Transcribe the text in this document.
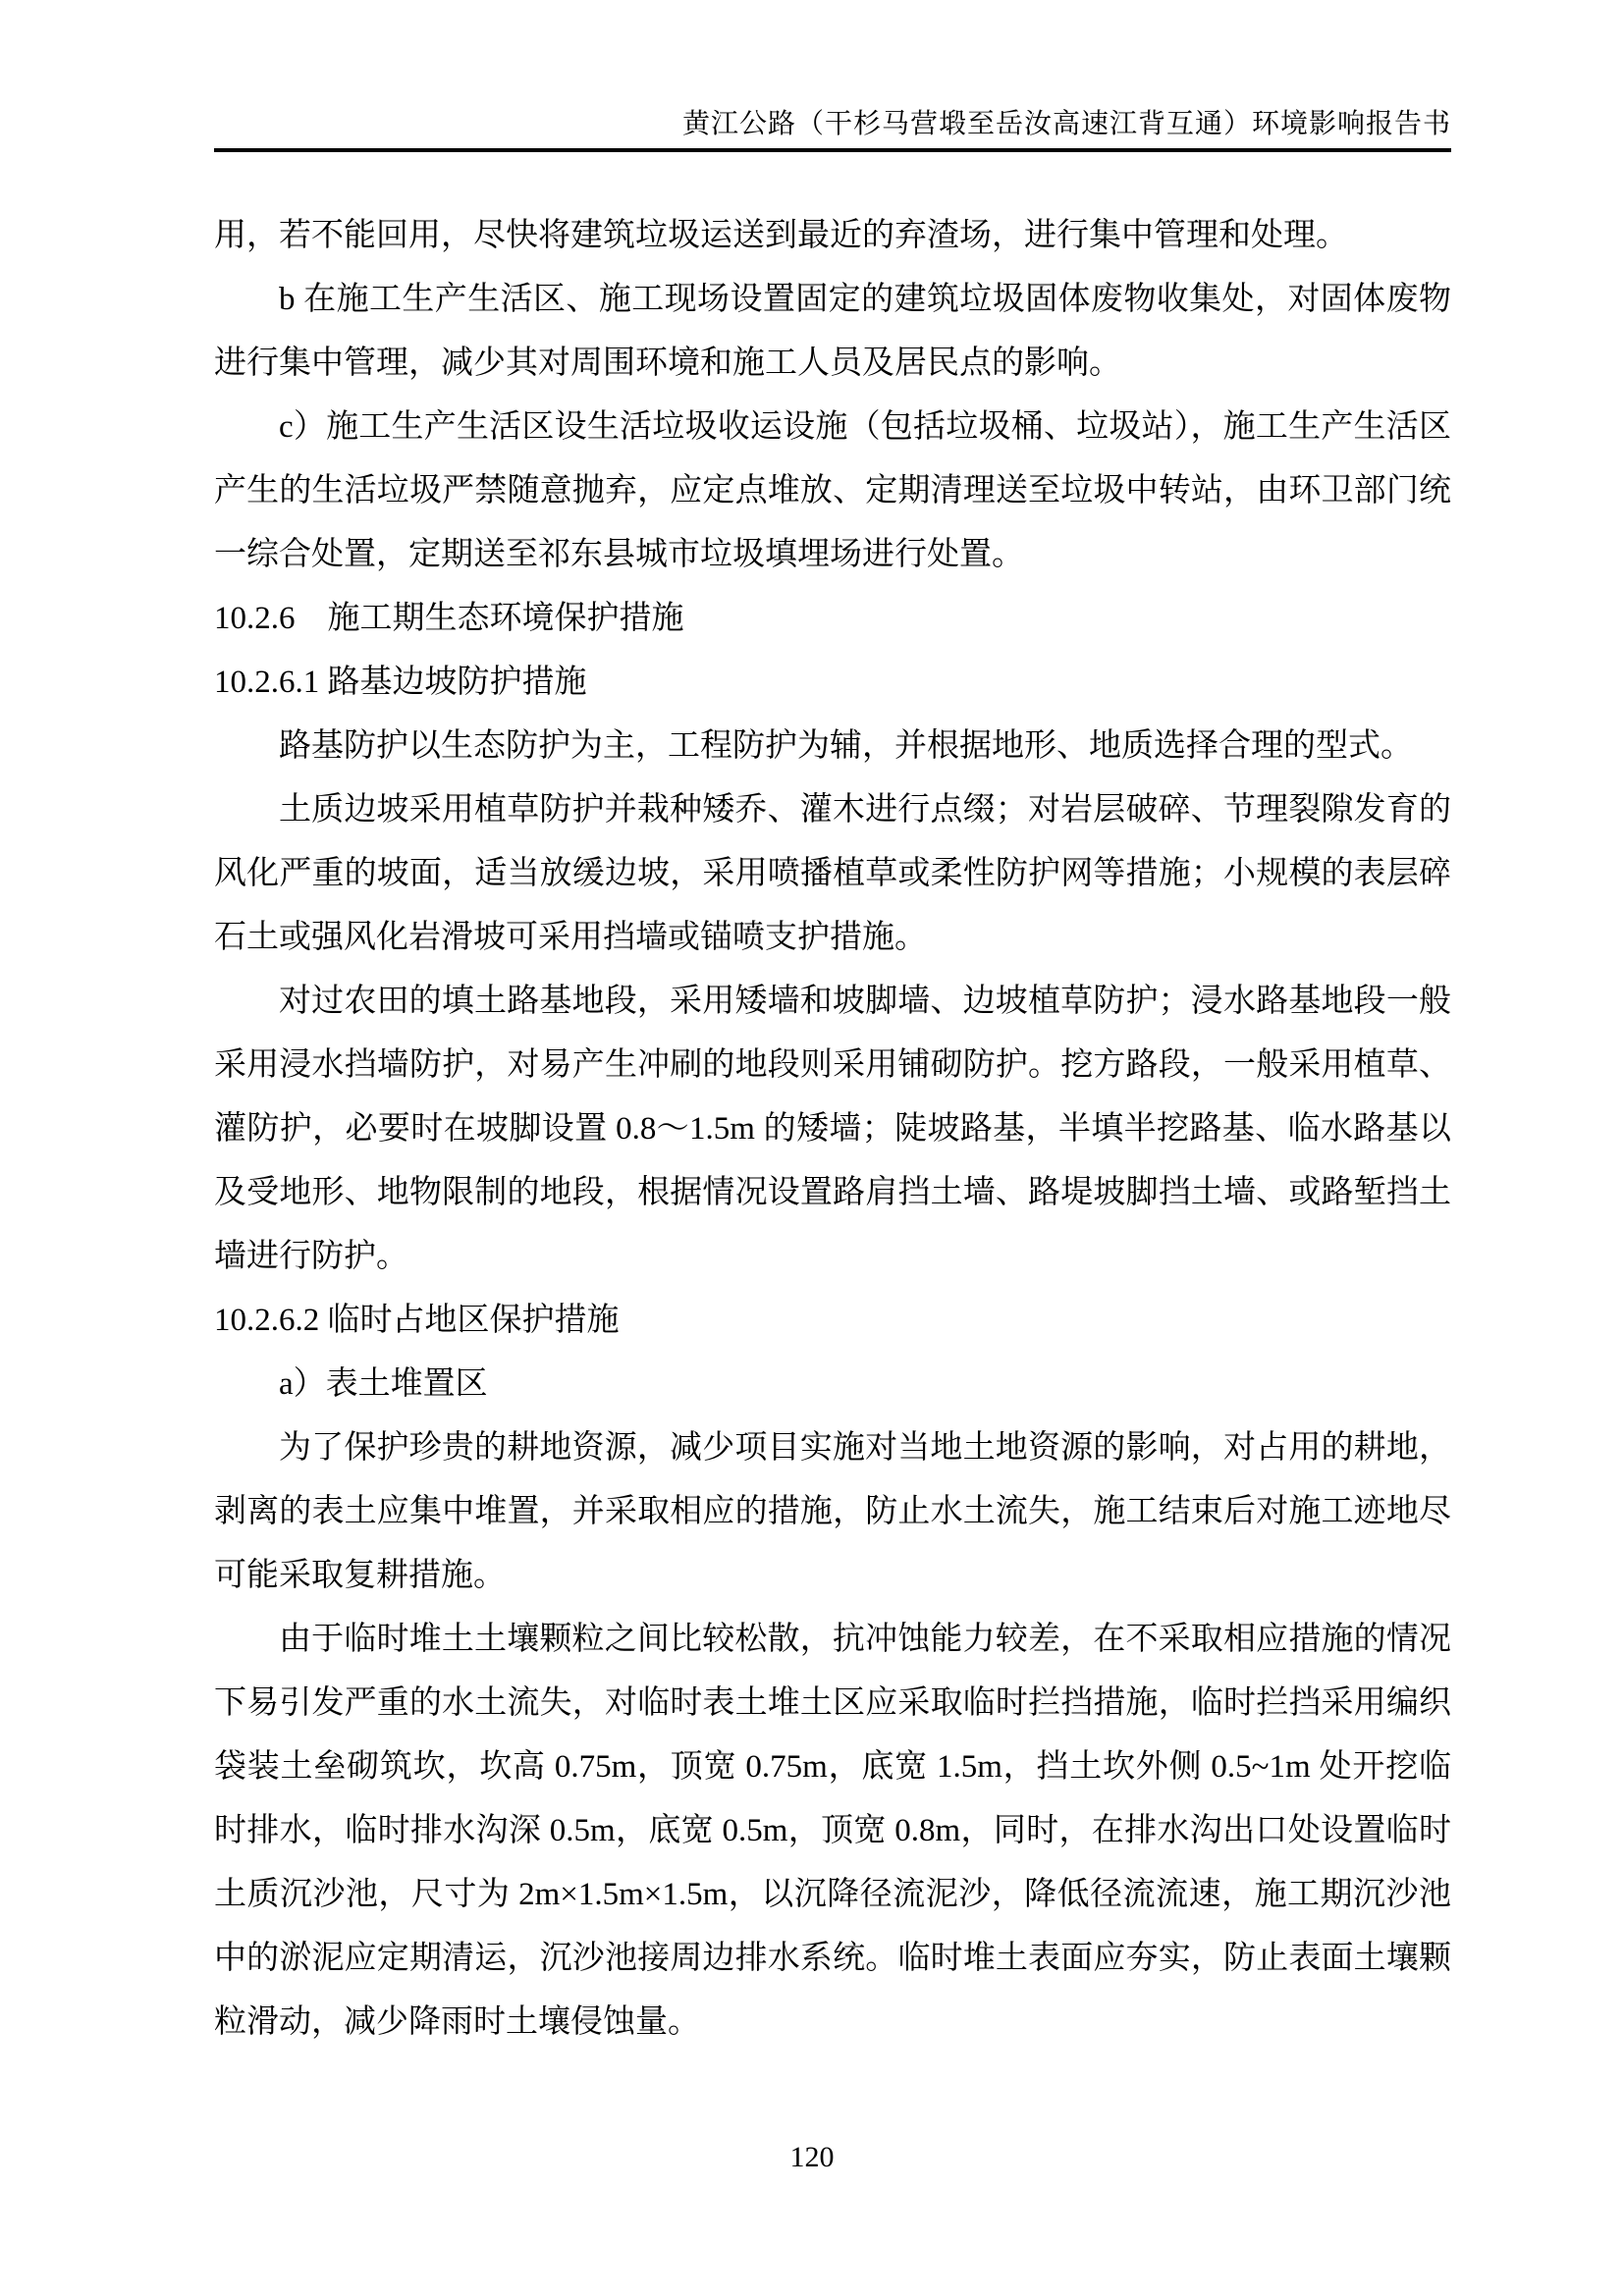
黄江公路（干杉马营塅至岳汝高速江背互通）环境影响报告书

用，若不能回用，尽快将建筑垃圾运送到最近的弃渣场，进行集中管理和处理。

b 在施工生产生活区、施工现场设置固定的建筑垃圾固体废物收集处，对固体废物进行集中管理，减少其对周围环境和施工人员及居民点的影响。

c）施工生产生活区设生活垃圾收运设施（包括垃圾桶、垃圾站），施工生产生活区产生的生活垃圾严禁随意抛弃，应定点堆放、定期清理送至垃圾中转站，由环卫部门统一综合处置，定期送至祁东县城市垃圾填埋场进行处置。

10.2.6　施工期生态环境保护措施

10.2.6.1 路基边坡防护措施

路基防护以生态防护为主，工程防护为辅，并根据地形、地质选择合理的型式。

土质边坡采用植草防护并栽种矮乔、灌木进行点缀；对岩层破碎、节理裂隙发育的风化严重的坡面，适当放缓边坡，采用喷播植草或柔性防护网等措施；小规模的表层碎石土或强风化岩滑坡可采用挡墙或锚喷支护措施。

对过农田的填土路基地段，采用矮墙和坡脚墙、边坡植草防护；浸水路基地段一般采用浸水挡墙防护，对易产生冲刷的地段则采用铺砌防护。挖方路段，一般采用植草、灌防护，必要时在坡脚设置 0.8～1.5m 的矮墙；陡坡路基，半填半挖路基、临水路基以及受地形、地物限制的地段，根据情况设置路肩挡土墙、路堤坡脚挡土墙、或路堑挡土墙进行防护。

10.2.6.2 临时占地区保护措施

a）表土堆置区

为了保护珍贵的耕地资源，减少项目实施对当地土地资源的影响，对占用的耕地，剥离的表土应集中堆置，并采取相应的措施，防止水土流失，施工结束后对施工迹地尽可能采取复耕措施。

由于临时堆土土壤颗粒之间比较松散，抗冲蚀能力较差，在不采取相应措施的情况下易引发严重的水土流失，对临时表土堆土区应采取临时拦挡措施，临时拦挡采用编织袋装土垒砌筑坎，坎高 0.75m，顶宽 0.75m，底宽 1.5m，挡土坎外侧 0.5~1m 处开挖临时排水，临时排水沟深 0.5m，底宽 0.5m，顶宽 0.8m，同时，在排水沟出口处设置临时土质沉沙池，尺寸为 2m×1.5m×1.5m，以沉降径流泥沙，降低径流流速，施工期沉沙池中的淤泥应定期清运，沉沙池接周边排水系统。临时堆土表面应夯实，防止表面土壤颗粒滑动，减少降雨时土壤侵蚀量。

120
